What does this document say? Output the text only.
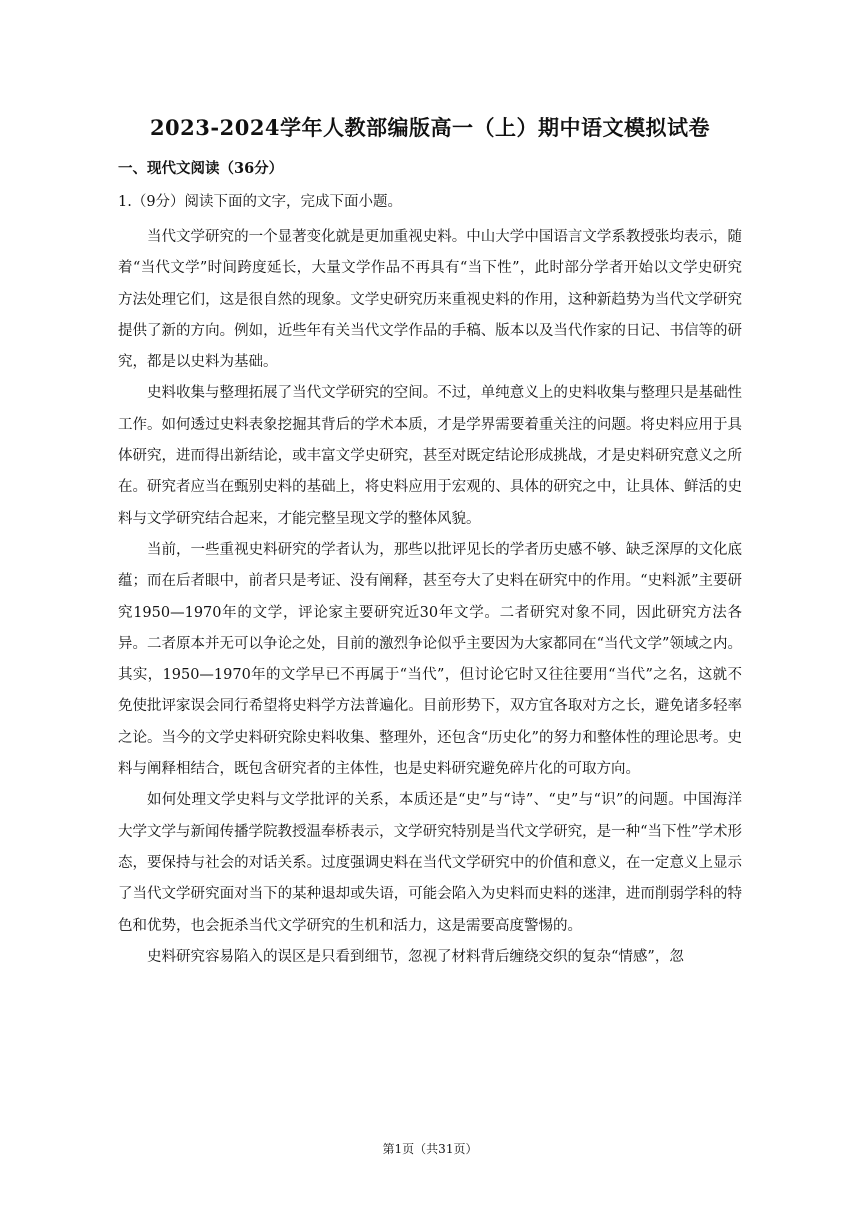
2023-2024学年人教部编版高一（上）期中语文模拟试卷
一、现代文阅读（36分）
1.（9分）阅读下面的文字，完成下面小题。

当代文学研究的一个显著变化就是更加重视史料。中山大学中国语言文学系教授张均表示，随着“当代文学”时间跨度延长，大量文学作品不再具有“当下性”，此时部分学者开始以文学史研究方法处理它们，这是很自然的现象。文学史研究历来重视史料的作用，这种新趋势为当代文学研究提供了新的方向。例如，近些年有关当代文学作品的手稿、版本以及当代作家的日记、书信等的研究，都是以史料为基础。

史料收集与整理拓展了当代文学研究的空间。不过，单纯意义上的史料收集与整理只是基础性工作。如何透过史料表象挖掘其背后的学术本质，才是学界需要着重关注的问题。将史料应用于具体研究，进而得出新结论，或丰富文学史研究，甚至对既定结论形成挑战，才是史料研究意义之所在。研究者应当在甄别史料的基础上，将史料应用于宏观的、具体的研究之中，让具体、鲜活的史料与文学研究结合起来，才能完整呈现文学的整体风貌。

当前，一些重视史料研究的学者认为，那些以批评见长的学者历史感不够、缺乏深厚的文化底蕴；而在后者眼中，前者只是考证、没有阐释，甚至夸大了史料在研究中的作用。“史料派”主要研究1950—1970年的文学，评论家主要研究近30年文学。二者研究对象不同，因此研究方法各异。二者原本并无可以争论之处，目前的激烈争论似乎主要因为大家都同在“当代文学”领域之内。其实，1950—1970年的文学早已不再属于“当代”，但讨论它时又往往要用“当代”之名，这就不免使批评家误会同行希望将史料学方法普遍化。目前形势下，双方宜各取对方之长，避免诸多轻率之论。当今的文学史料研究除史料收集、整理外，还包含“历史化”的努力和整体性的理论思考。史料与阐释相结合，既包含研究者的主体性，也是史料研究避免碎片化的可取方向。

如何处理文学史料与文学批评的关系，本质还是“史”与“诗”、“史”与“识”的问题。中国海洋大学文学与新闻传播学院教授温奉桥表示，文学研究特别是当代文学研究，是一种“当下性”学术形态，要保持与社会的对话关系。过度强调史料在当代文学研究中的价值和意义，在一定意义上显示了当代文学研究面对当下的某种退却或失语，可能会陷入为史料而史料的迷津，进而削弱学科的特色和优势，也会扼杀当代文学研究的生机和活力，这是需要高度警惕的。

史料研究容易陷入的误区是只看到细节，忽视了材料背后缠绕交织的复杂“情感”，忽

第1页（共31页）
